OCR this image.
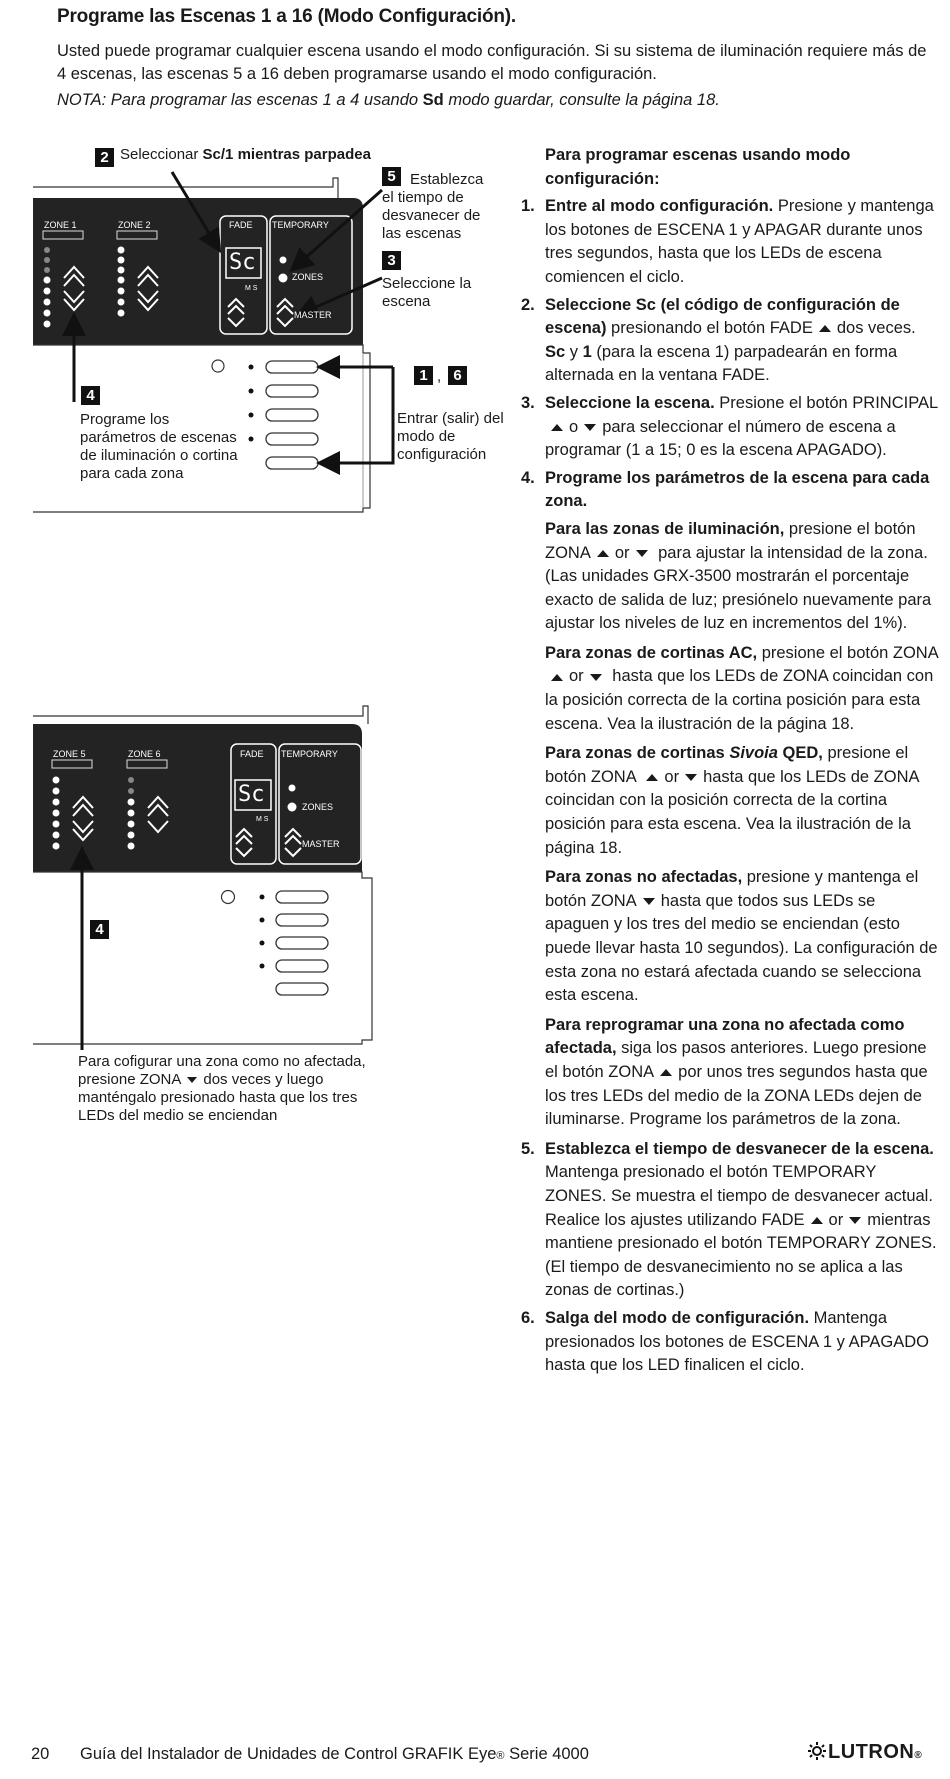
Programe las Escenas 1 a 16 (Modo Configuración).

Usted puede programar cualquier escena usando el modo configuración. Si su sistema de iluminación requiere más de 4 escenas, las escenas 5 a 16 deben programarse usando el modo configuración.

NOTA: Para programar las escenas 1 a 4 usando Sd modo guardar, consulte la página 18.

ZONE 1	ZONE 2	FADE TEMPORARY
Sc
M S
ZONES
MASTER
2 Seleccionar Sc/1 mientras parpadea
5 Establezca el tiempo de desvanecer de las escenas
3
Seleccione la escena
4
Programe los parámetros de escenas de iluminación o cortina para cada zona
1 , 6
Entrar (salir) del modo de configuración
ZONE 5	ZONE 6	FADE TEMPORARY
Sc
M S
ZONES
MASTER
4
Para cofigurar una zona como no afectada, presione ZONA dos veces y luego manténgalo presionado hasta que los tres LEDs del medio se enciendan

Para programar escenas usando modo configuración:

1. Entre al modo configuración. Presione y mantenga los botones de ESCENA 1 y APAGAR durante unos tres segundos, hasta que los LEDs de escena comiencen el ciclo.

2. Seleccione Sc (el código de configuración de escena) presionando el botón FADE dos veces. Sc y 1 (para la escena 1) parpadearán en forma alternada en la ventana FADE.

3. Seleccione la escena. Presione el botón PRINCIPALo para seleccionar el número de escena a programar (1 a 15; 0 es la escena APAGADO).

4. Programe los parámetros de la escena para cada zona.

Para las zonas de iluminación, presione el botón ZONA or para ajustar la intensidad de la zona. (Las unidades GRX-3500 mostrarán el porcentaje exacto de salida de luz; presiónelo nuevamente para ajustar los niveles de luz en incrementos del 1%).

Para zonas de cortinas AC, presione el botón ZONAor hasta que los LEDs de ZONA coincidan con la posición correcta de la cortina posición para esta escena. Vea la ilustración de la página 18.

Para zonas de cortinas Sivoia QED, presione el botón ZONA or hasta que los LEDs de ZONA coincidan con la posición correcta de la cortina posición para esta escena. Vea la ilustración de la página 18.

Para zonas no afectadas, presione y mantenga el botón ZONA hasta que todos sus LEDs se apaguen y los tres del medio se enciendan (esto puede llevar hasta 10 segundos). La configuración de esta zona no estará afectada cuando se selecciona esta escena.

Para reprogramar una zona no afectada como afectada, siga los pasos anteriores. Luego presione el botón ZONA por unos tres segundos hasta que los tres LEDs del medio de la ZONA LEDs dejen de iluminarse. Programe los parámetros de la zona.

5. Establezca el tiempo de desvanecer de la escena. Mantenga presionado el botón TEMPORARY ZONES. Se muestra el tiempo de desvanecer actual. Realice los ajustes utilizando FADE or mientras mantiene presionado el botón TEMPORARY ZONES. (El tiempo de desvanecimiento no se aplica a las zonas de cortinas.)

6. Salga del modo de configuración. Mantenga presionados los botones de ESCENA 1 y APAGADO hasta que los LED finalicen el ciclo.

20 Guía del Instalador de Unidades de Control GRAFIK Eye® Serie 4000	LUTRON®
